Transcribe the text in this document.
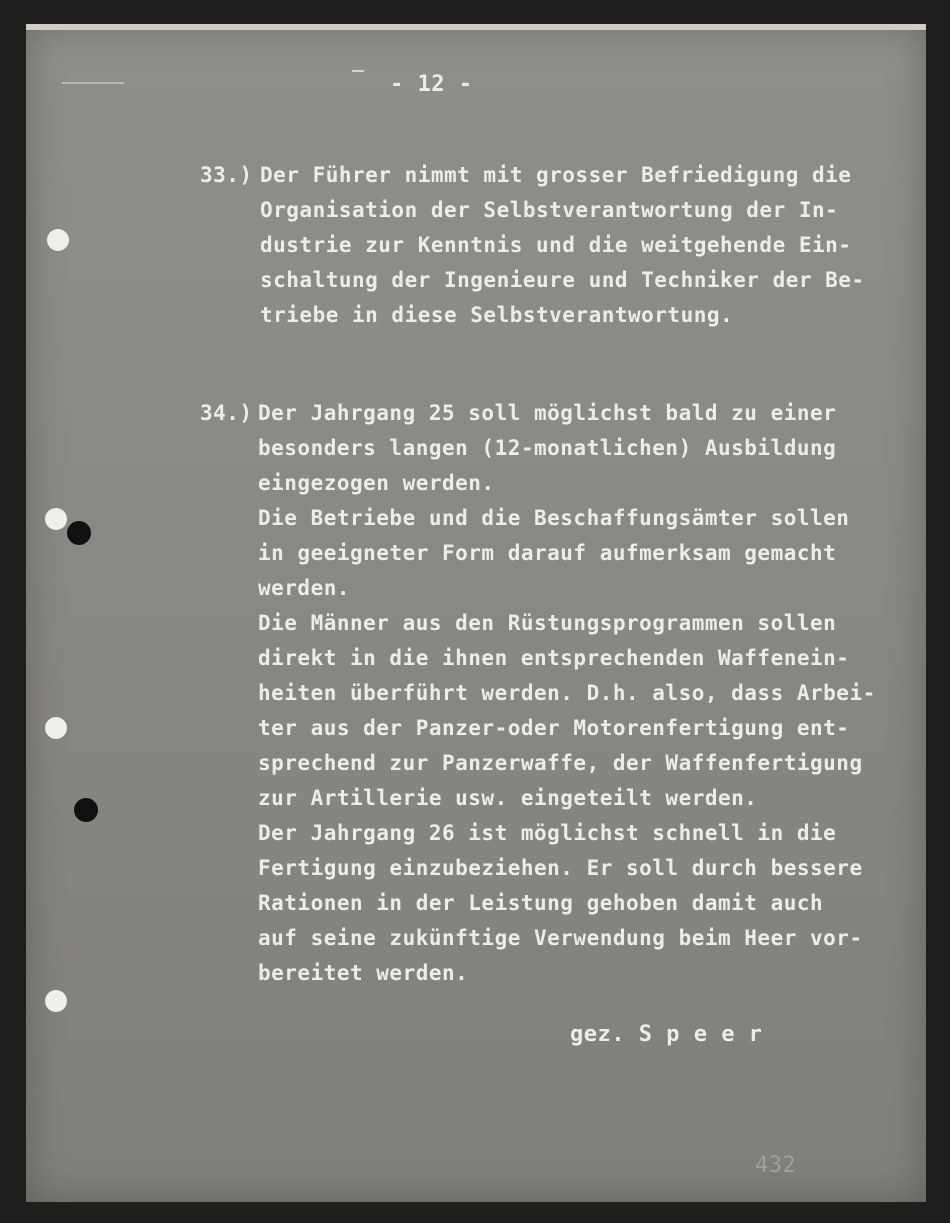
- 12 -
33.) Der Führer nimmt mit grosser Befriedigung die
Organisation der Selbstverantwortung der In-
dustrie zur Kenntnis und die weitgehende Ein-
schaltung der Ingenieure und Techniker der Be-
triebe in diese Selbstverantwortung.
34.) Der Jahrgang 25 soll möglichst bald zu einer
besonders langen (12-monatlichen) Ausbildung
eingezogen werden.
Die Betriebe und die Beschaffungsämter sollen
in geeigneter Form darauf aufmerksam gemacht
werden.
Die Männer aus den Rüstungsprogrammen sollen
direkt in die ihnen entsprechenden Waffenein-
heiten überführt werden. D.h. also, dass Arbei-
ter aus der Panzer-oder Motorenfertigung ent-
sprechend zur Panzerwaffe, der Waffenfertigung
zur Artillerie usw. eingeteilt werden.
Der Jahrgang 26 ist möglichst schnell in die
Fertigung einzubeziehen. Er soll durch bessere
Rationen in der Leistung gehoben damit auch
auf seine zukünftige Verwendung beim Heer vor-
bereitet werden.
gez. S p e e r
432
